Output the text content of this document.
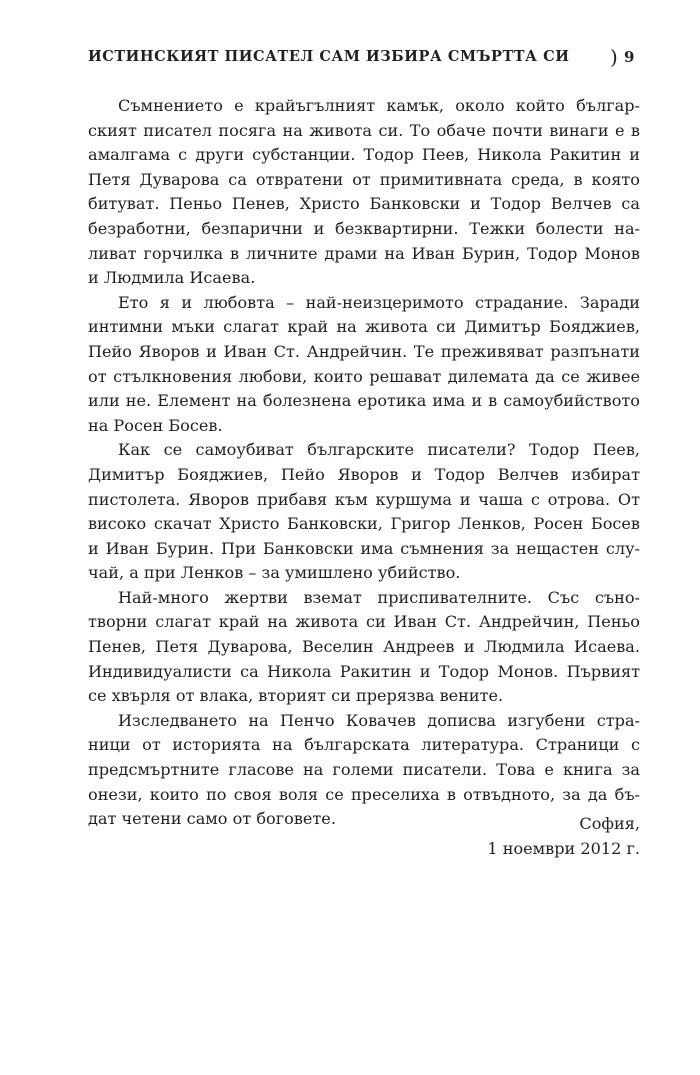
ИСТИНСКИЯТ ПИСАТЕЛ САМ ИЗБИРА СМЪРТТА СИ ) 9
Съмнението е крайъгълният камък, около който българ-
ският писател посяга на живота си. То обаче почти винаги е в
амалгама с други субстанции. Тодор Пеев, Никола Ракитин и
Петя Дуварова са отвратени от примитивната среда, в която
битуват. Пеньо Пенев, Христо Банковски и Тодор Велчев са
безработни, безпарични и безквартирни. Тежки болести на-
ливат горчилка в личните драми на Иван Бурин, Тодор Монов
и Людмила Исаева.
Ето я и любовта – най-неизцеримото страдание. Заради
интимни мъки слагат край на живота си Димитър Бояджиев,
Пейо Яворов и Иван Ст. Андрейчин. Те преживяват разпънати
от стълкновения любови, които решават дилемата да се живее
или не. Елемент на болезнена еротика има и в самоубийството
на Росен Босев.
Как се самоубиват българските писатели? Тодор Пеев,
Димитър Бояджиев, Пейо Яворов и Тодор Велчев избират
пистолета. Яворов прибавя към куршума и чаша с отрова. От
високо скачат Христо Банковски, Григор Ленков, Росен Босев
и Иван Бурин. При Банковски има съмнения за нещастен слу-
чай, а при Ленков – за умишлено убийство.
Най-много жертви вземат приспивателните. Със съно-
творни слагат край на живота си Иван Ст. Андрейчин, Пеньо
Пенев, Петя Дуварова, Веселин Андреев и Людмила Исаева.
Индивидуалисти са Никола Ракитин и Тодор Монов. Първият
се хвърля от влака, вторият си прерязва вените.
Изследването на Пенчо Ковачев дописва изгубени стра-
ници от историята на българската литература. Страници с
предсмъртните гласове на големи писатели. Това е книга за
онези, които по своя воля се преселиха в отвъдното, за да бъ-
дат четени само от боговете.	София,
1 ноември 2012 г.
